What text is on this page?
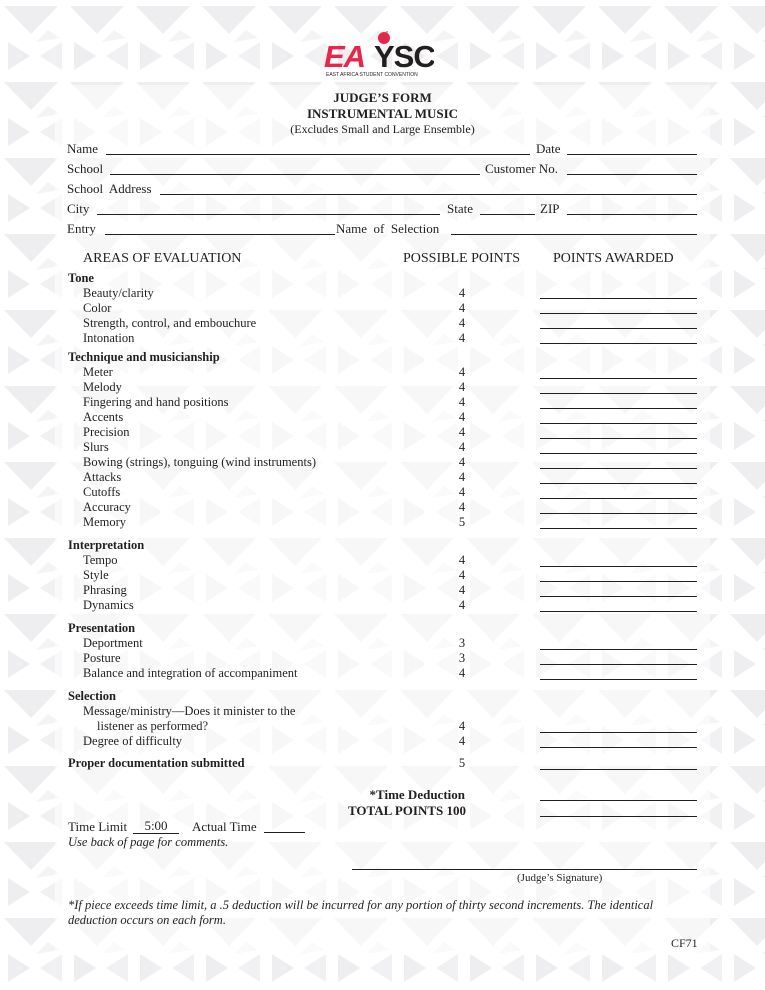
*
EA YSC
EAST AFRICA STUDENT CONVENTION
JUDGE’S FORM
INSTRUMENTAL MUSIC
(Excludes Small and Large Ensemble)
Name	Date
School	Customer No.
School  Address
City	State	ZIP
Entry	Name  of  Selection
AREAS OF EVALUATION	POSSIBLE POINTS POINTS AWARDED
Tone
Beauty/clarity	4
Color	4
Strength, control, and embouchure	4
Intonation	4
Technique and musicianship
Meter	4
Melody	4
Fingering and hand positions	4
Accents	4
Precision	4
Slurs	4
Bowing (strings), tonguing (wind instruments)	4
Attacks	4
Cutoffs	4
Accuracy	4
Memory	5
Interpretation
Tempo	4
Style	4
Phrasing	4
Dynamics	4
Presentation
Deportment	3
Posture	3
Balance and integration of accompaniment	4
Selection
Message/ministry—Does it minister to the
listener as performed?	4
Degree of difficulty	4
Proper documentation submitted	5
*Time Deduction
TOTAL POINTS 100
Time Limit	5:00	Actual Time
Use back of page for comments.
(Judge’s Signature)
*If piece exceeds time limit, a .5 deduction will be incurred for any portion of thirty second increments. The identical deduction occurs on each form.
CF71
